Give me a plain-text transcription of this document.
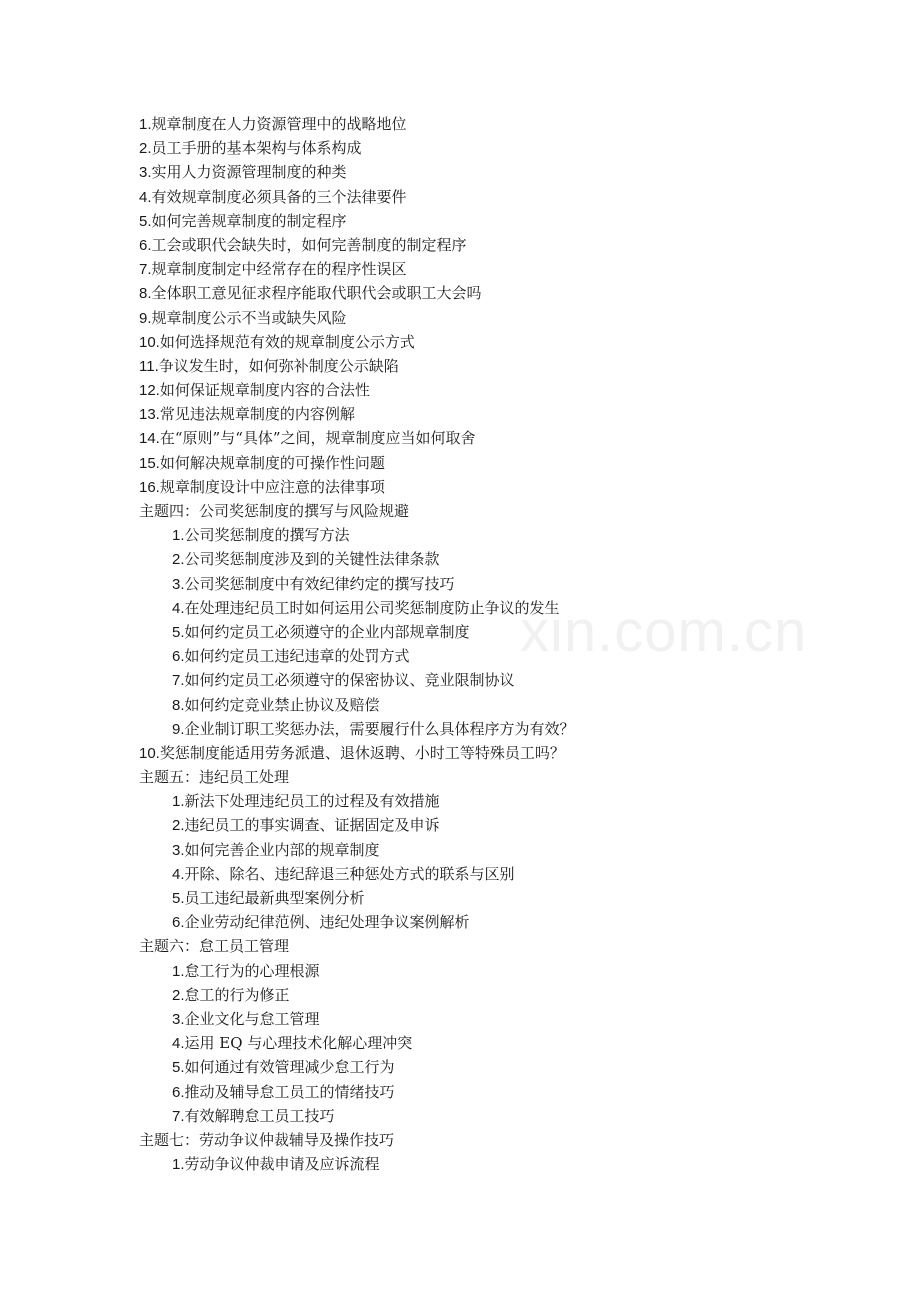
xin.com.cn
1.规章制度在人力资源管理中的战略地位
2.员工手册的基本架构与体系构成
3.实用人力资源管理制度的种类
4.有效规章制度必须具备的三个法律要件
5.如何完善规章制度的制定程序
6.工会或职代会缺失时，如何完善制度的制定程序
7.规章制度制定中经常存在的程序性误区
8.全体职工意见征求程序能取代职代会或职工大会吗
9.规章制度公示不当或缺失风险
10.如何选择规范有效的规章制度公示方式
11.争议发生时，如何弥补制度公示缺陷
12.如何保证规章制度内容的合法性
13.常见违法规章制度的内容例解
14.在“原则”与“具体”之间，规章制度应当如何取舍
15.如何解决规章制度的可操作性问题
16.规章制度设计中应注意的法律事项
主题四：公司奖惩制度的撰写与风险规避
1.公司奖惩制度的撰写方法
2.公司奖惩制度涉及到的关键性法律条款
3.公司奖惩制度中有效纪律约定的撰写技巧
4.在处理违纪员工时如何运用公司奖惩制度防止争议的发生
5.如何约定员工必须遵守的企业内部规章制度
6.如何约定员工违纪违章的处罚方式
7.如何约定员工必须遵守的保密协议、竞业限制协议
8.如何约定竞业禁止协议及赔偿
9.企业制订职工奖惩办法，需要履行什么具体程序方为有效？
10.奖惩制度能适用劳务派遣、退休返聘、小时工等特殊员工吗？
主题五：违纪员工处理
1.新法下处理违纪员工的过程及有效措施
2.违纪员工的事实调查、证据固定及申诉
3.如何完善企业内部的规章制度
4.开除、除名、违纪辞退三种惩处方式的联系与区别
5.员工违纪最新典型案例分析
6.企业劳动纪律范例、违纪处理争议案例解析
主题六：怠工员工管理
1.怠工行为的心理根源
2.怠工的行为修正
3.企业文化与怠工管理
4.运用 EQ 与心理技术化解心理冲突
5.如何通过有效管理减少怠工行为
6.推动及辅导怠工员工的情绪技巧
7.有效解聘怠工员工技巧
主题七：劳动争议仲裁辅导及操作技巧
1.劳动争议仲裁申请及应诉流程
